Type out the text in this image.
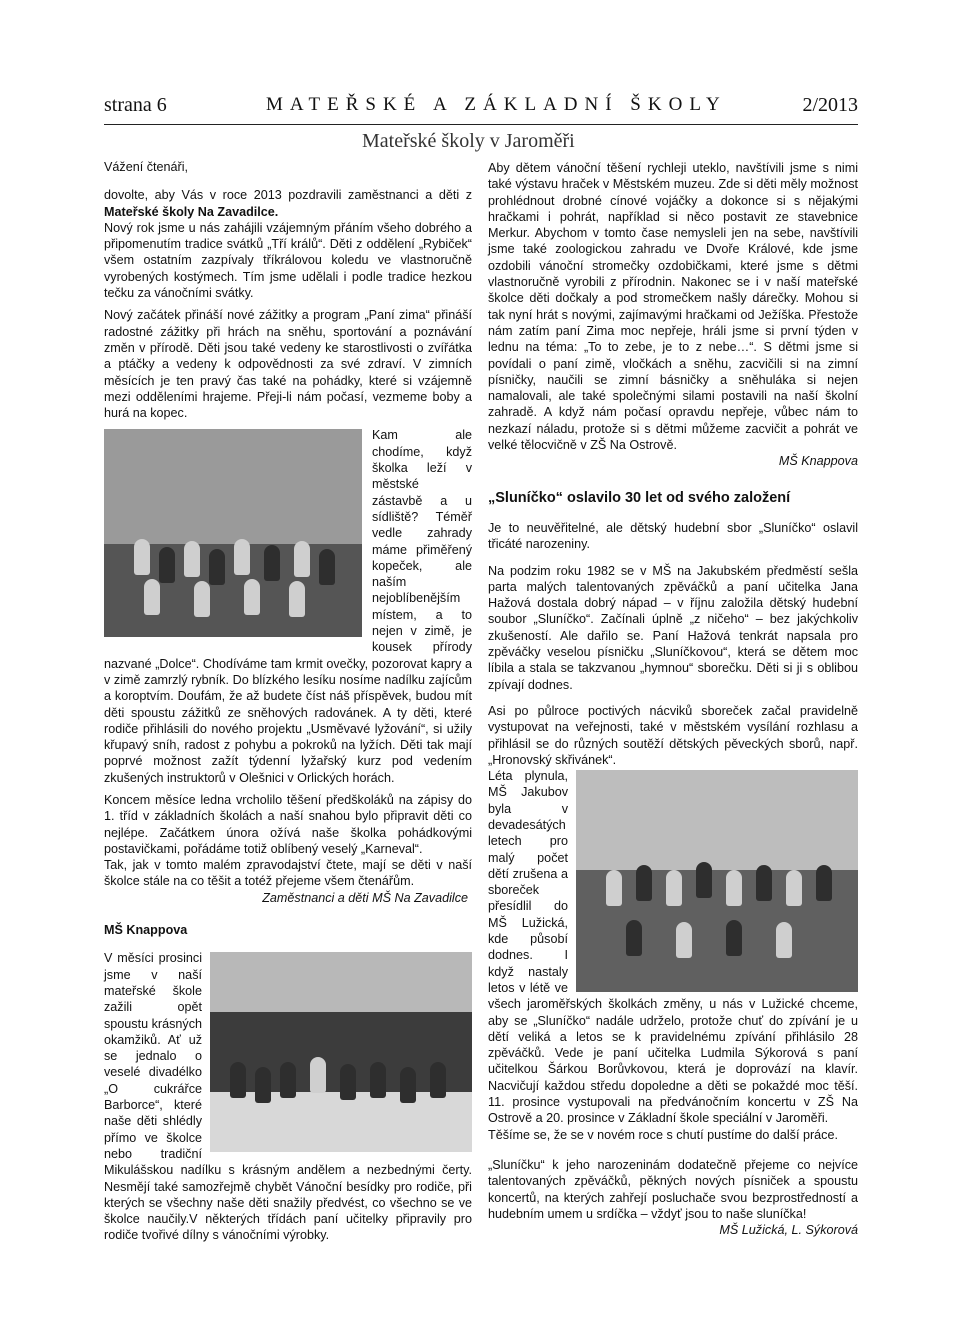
strana 6	MATEŘSKÉ A ZÁKLADNÍ ŠKOLY	2/2013
Mateřské školy v Jaroměři

Vážení čtenáři,

dovolte, aby Vás v roce 2013 pozdravili zaměstnanci a děti z Mateřské školy Na Zavadilce.

Nový rok jsme u nás zahájili vzájemným přáním všeho dobrého a připomenutím tradice svátků „Tří králů“. Děti z oddělení „Rybiček“ všem ostatním zazpívaly tříkrálovou koledu ve vlastnoručně vyrobených kostýmech. Tím jsme udělali i podle tradice hezkou tečku za vánočními svátky.

Nový začátek přináší nové zážitky a program „Paní zima“ přináší radostné zážitky při hrách na sněhu, sportování a poznávání změn v přírodě. Děti jsou také vedeny ke starostlivosti o zvířátka a ptáčky a vedeny k odpovědnosti za své zdraví. V zimních měsících je ten pravý čas také na pohádky, které si vzájemně mezi odděleními hrajeme. Přeji-li nám počasí, vezmeme boby a hurá na kopec.

Kam ale chodíme, když školka leží v městské zástavbě a u sídliště? Téměř vedle zahrady máme přiměřený kopeček, ale naším nejoblíbenějším místem, a to nejen v zimě, je kousek přírody nazvané „Dolce“. Chodíváme tam krmit ovečky, pozorovat kapry a v zimě zamrzlý rybník. Do blízkého lesíku nosíme nadílku zajícům a koroptvím. Doufám, že až budete číst náš příspěvek, budou mít děti spoustu zážitků ze sněhových radovánek. A ty děti, které rodiče přihlásili do nového projektu „Usměvavé lyžování“, si užily křupavý sníh, radost z pohybu a pokroků na lyžích. Děti tak mají poprvé možnost zažít týdenní lyžařský kurz pod vedením zkušených instruktorů v Olešnici v Orlických horách.

Koncem měsíce ledna vrcholilo těšení předškoláků na zápisy do 1. tříd v základních školách a naší snahou bylo připravit děti co nejlépe. Začátkem února ožívá naše školka pohádkovými postavičkami, pořádáme totiž oblíbený veselý „Karneval“.

Tak, jak v tomto malém zpravodajství čtete, mají se děti v naší školce stále na co těšit a totéž přejeme všem čtenářům.

Zaměstnanci a děti MŠ Na Zavadilce

MŠ Knappova

V měsíci prosinci jsme v naší mateřské škole zažili opět spoustu krásných okamžiků. Ať už se jednalo o veselé divadélko „O cukrářce Barborce“, které naše děti shlédly přímo ve školce nebo tradiční Mikulášskou nadílku s krásným andělem a nezbednými čerty. Nesmějí také samozřejmě chybět Vánoční besídky pro rodiče, při kterých se všechny naše děti snažily předvést, co všechno se ve školce naučily.V některých třídách paní učitelky připravily pro rodiče tvořivé dílny s vánočními výrobky.

Aby dětem vánoční těšení rychleji uteklo, navštívili jsme s nimi také výstavu hraček v Městském muzeu. Zde si děti měly možnost prohlédnout drobné cínové vojáčky a dokonce si s nějakými hračkami i pohrát, například si něco postavit ze stavebnice Merkur. Abychom v tomto čase nemysleli jen na sebe, navštívili jsme také zoologickou zahradu ve Dvoře Králové, kde jsme ozdobili vánoční stromečky ozdobičkami, které jsme s dětmi vlastnoručně vyrobili z přírodnin. Nakonec se i v naší mateřské školce děti dočkaly a pod stromečkem našly dárečky. Mohou si tak nyní hrát s novými, zajímavými hračkami od Ježíška. Přestože nám zatím paní Zima moc nepřeje, hráli jsme si první týden v lednu na téma: „To to zebe, je to z nebe…“. S dětmi jsme si povídali o paní zimě, vločkách a sněhu, zacvičili si na zimní písničky, naučili se zimní básničky a sněhuláka si nejen namalovali, ale také společnými silami postavili na naší školní zahradě. A když nám počasí opravdu nepřeje, vůbec nám to nezkazí náladu, protože si s dětmi můžeme zacvičit a pohrát ve velké tělocvičně v ZŠ Na Ostrově.

MŠ Knappova

„Sluníčko“ oslavilo 30 let od svého založení

Je to neuvěřitelné, ale dětský hudební sbor „Sluníčko“ oslavil třicáté narozeniny.

Na podzim roku 1982 se v MŠ na Jakubském předměstí sešla parta malých talentovaných zpěváčků a paní učitelka Jana Hažová dostala dobrý nápad – v říjnu založila dětský hudební soubor „Sluníčko“. Začínali úplně „z ničeho“ – bez jakýchkoliv zkušeností. Ale dařilo se. Paní Hažová tenkrát napsala pro zpěváčky veselou písničku „Sluníčkovou“, která se dětem moc líbila a stala se takzvanou „hymnou“ sborečku. Děti si ji s oblibou zpívají dodnes.

Asi po půlroce poctivých nácviků sboreček začal pravidelně vystupovat na veřejnosti, také v městském vysílání rozhlasu a přihlásil se do různých soutěží dětských pěveckých sborů, např. „Hronovský skřivánek“.

Léta plynula, MŠ Jakubov byla v devadesátých letech pro malý počet dětí zrušena a sboreček přesídlil do MŠ Lužická, kde působí dodnes. I když nastaly letos v létě ve všech jaroměřských školkách změny, u nás v Lužické chceme, aby se „Sluníčko“ nadále udrželo, protože chuť do zpívání je u dětí veliká a letos se k pravidelnému zpívání přihlásilo 28 zpěváčků. Vede je paní učitelka Ludmila Sýkorová s paní učitelkou Šárkou Borůvkovou, která je doprovází na klavír. Nacvičují každou středu dopoledne a děti se pokaždé moc těší. 11. prosince vystupovali na předvánočním koncertu v ZŠ Na Ostrově a 20. prosince v Základní škole speciální v Jaroměři.

Těšíme se, že se v novém roce s chutí pustíme do další práce.

„Sluníčku“ k jeho narozeninám dodatečně přejeme co nejvíce talentovaných zpěváčků, pěkných nových písniček a spoustu koncertů, na kterých zahřejí posluchače svou bezprostředností a hudebním umem u srdíčka – vždyť jsou to naše sluníčka!

MŠ Lužická, L. Sýkorová
